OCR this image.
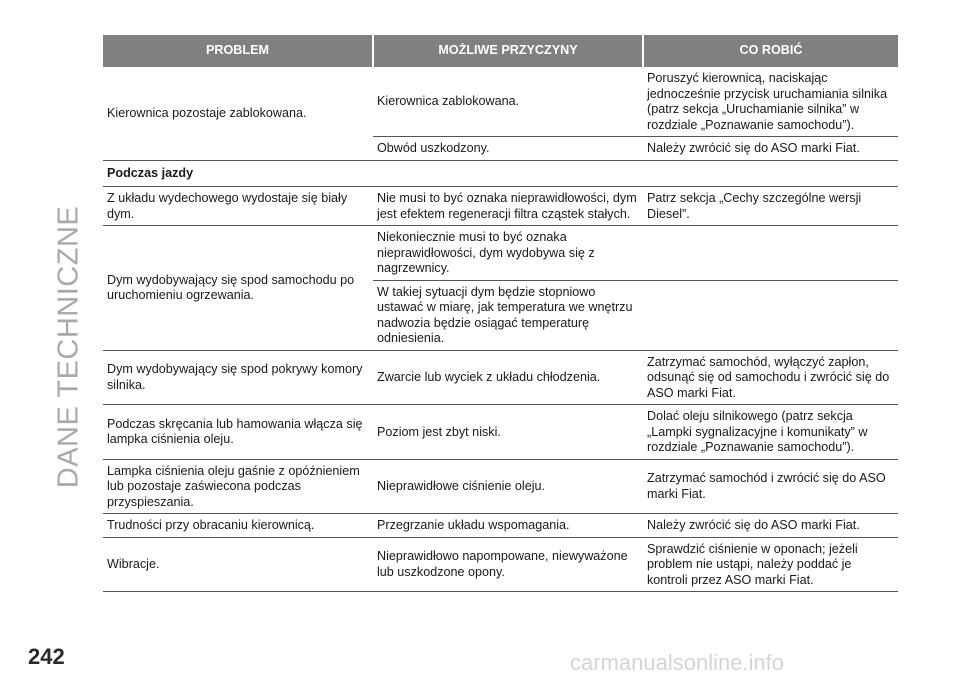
DANE TECHNICZNE
PROBLEM	MOŻLIWE PRZYCZYNY	CO ROBIĆ
Kierownica pozostaje zablokowana.	Kierownica zablokowana.	Poruszyć kierownicą, naciskając jednocześnie przycisk uruchamiania silnika (patrz sekcja „Uruchamianie silnika” w rozdziale „Poznawanie samochodu”).
	Obwód uszkodzony.	Należy zwrócić się do ASO marki Fiat.
Podczas jazdy		
Z układu wydechowego wydostaje się biały dym.	Nie musi to być oznaka nieprawidłowości, dym jest efektem regeneracji filtra cząstek stałych.	Patrz sekcja „Cechy szczególne wersji Diesel”.
Dym wydobywający się spod samochodu po uruchomieniu ogrzewania.	Niekoniecznie musi to być oznaka nieprawidłowości, dym wydobywa się z nagrzewnicy.	
	W takiej sytuacji dym będzie stopniowo ustawać w miarę, jak temperatura we wnętrzu nadwozia będzie osiągać temperaturę odniesienia.	
Dym wydobywający się spod pokrywy komory silnika.	Zwarcie lub wyciek z układu chłodzenia.	Zatrzymać samochód, wyłączyć zapłon, odsunąć się od samochodu i zwrócić się do ASO marki Fiat.
Podczas skręcania lub hamowania włącza się lampka ciśnienia oleju.	Poziom jest zbyt niski.	Dolać oleju silnikowego (patrz sekcja „Lampki sygnalizacyjne i komunikaty” w rozdziale „Poznawanie samochodu”).
Lampka ciśnienia oleju gaśnie z opóźnieniem lub pozostaje zaświecona podczas przyspieszania.	Nieprawidłowe ciśnienie oleju.	Zatrzymać samochód i zwrócić się do ASO marki Fiat.
Trudności przy obracaniu kierownicą.	Przegrzanie układu wspomagania.	Należy zwrócić się do ASO marki Fiat.
Wibracje.	Nieprawidłowo napompowane, niewyważone lub uszkodzone opony.	Sprawdzić ciśnienie w oponach; jeżeli problem nie ustąpi, należy poddać je kontroli przez ASO marki Fiat.
242	carmanualsonline.info
